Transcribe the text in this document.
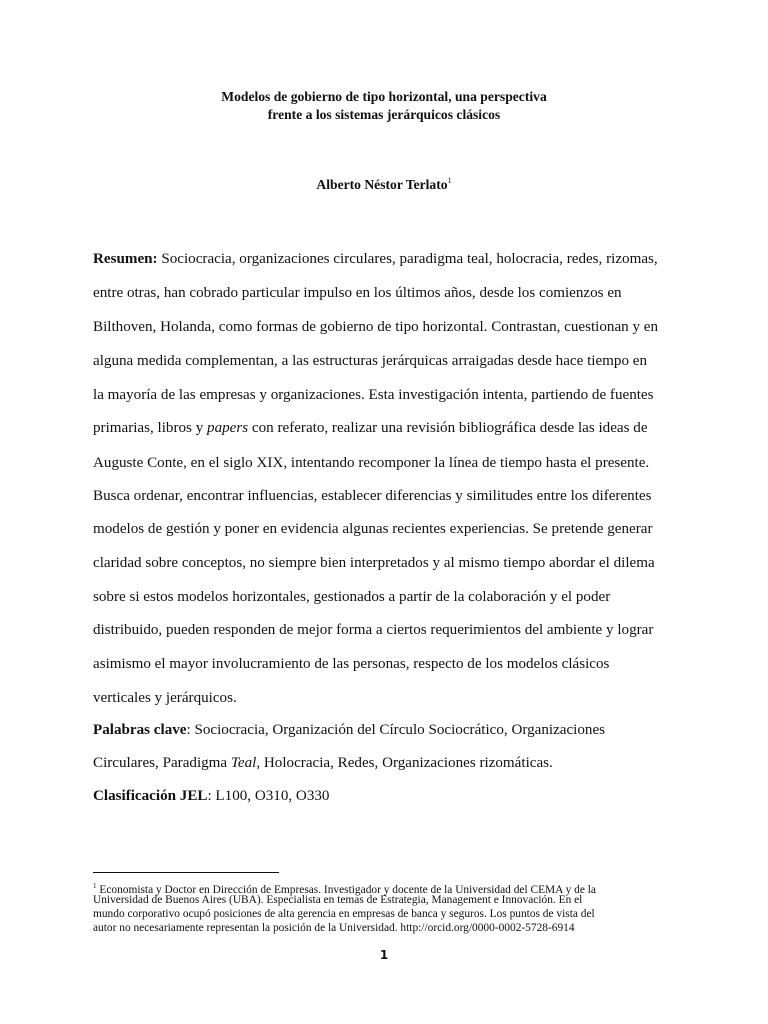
Modelos de gobierno de tipo horizontal, una perspectiva
frente a los sistemas jerárquicos clásicos
Alberto Néstor Terlato$^1$
Resumen: Sociocracia, organizaciones circulares, paradigma teal, holocracia, redes, rizomas,
entre otras, han cobrado particular impulso en los últimos años, desde los comienzos en
Bilthoven, Holanda, como formas de gobierno de tipo horizontal. Contrastan, cuestionan y en
alguna medida complementan, a las estructuras jerárquicas arraigadas desde hace tiempo en
la mayoría de las empresas y organizaciones. Esta investigación intenta, partiendo de fuentes
primarias, libros y papers con referato, realizar una revisión bibliográfica desde las ideas de
Auguste Conte, en el siglo XIX, intentando recomponer la línea de tiempo hasta el presente.
Busca ordenar, encontrar influencias, establecer diferencias y similitudes entre los diferentes
modelos de gestión y poner en evidencia algunas recientes experiencias. Se pretende generar
claridad sobre conceptos, no siempre bien interpretados y al mismo tiempo abordar el dilema
sobre si estos modelos horizontales, gestionados a partir de la colaboración y el poder
distribuido, pueden responden de mejor forma a ciertos requerimientos del ambiente y lograr
asimismo el mayor involucramiento de las personas, respecto de los modelos clásicos
verticales y jerárquicos.
Palabras clave: Sociocracia, Organización del Círculo Sociocrático, Organizaciones
Circulares, Paradigma Teal, Holocracia, Redes, Organizaciones rizomáticas.
Clasificación JEL: L100, O310, O330
$^1$ Economista y Doctor en Dirección de Empresas. Investigador y docente de la Universidad del CEMA y de la
Universidad de Buenos Aires (UBA). Especialista en temas de Estrategia, Management e Innovación. En el
mundo corporativo ocupó posiciones de alta gerencia en empresas de banca y seguros. Los puntos de vista del
autor no necesariamente representan la posición de la Universidad. http://orcid.org/0000-0002-5728-6914
1
